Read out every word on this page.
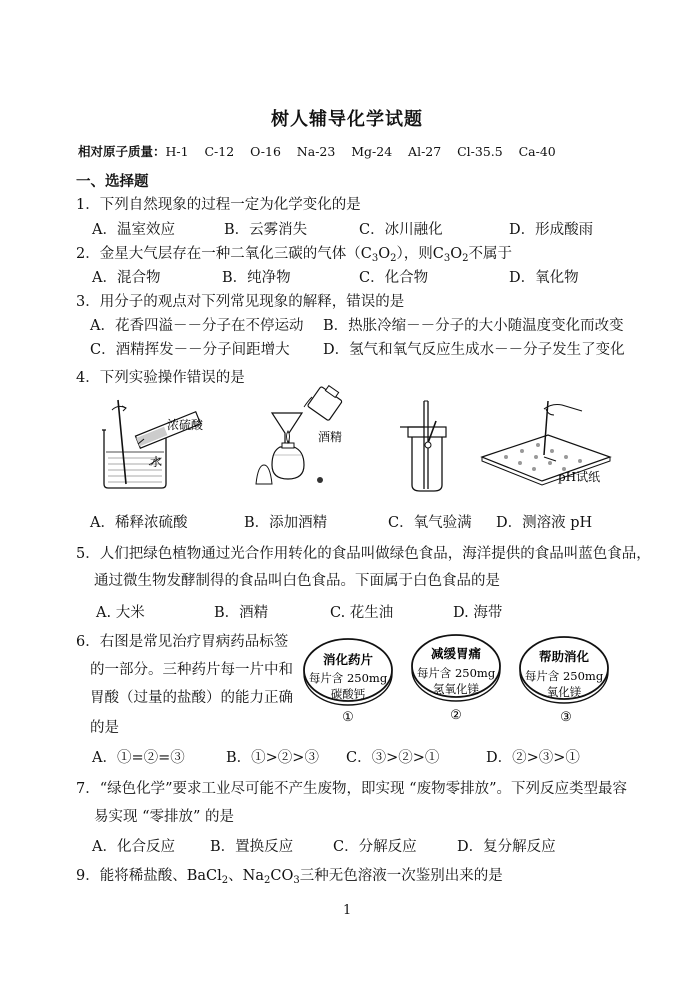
树人辅导化学试题
相对原子质量：H-1    C-12    O-16    Na-23    Mg-24    Al-27    Cl-35.5    Ca-40
一、选择题
1．下列自然现象的过程一定为化学变化的是
A．温室效应	B．云雾消失	C．冰川融化	D．形成酸雨
2．金星大气层存在一种二氧化三碳的气体$(C_3O_2)$，则$C_3O_2$不属于
A．混合物	B．纯净物	C．化合物	D．氧化物
3．用分子的观点对下列常见现象的解释，错误的是
A．花香四溢－－分子在不停运动 B．热胀冷缩－－分子的大小随温度变化而改变
C．酒精挥发－－分子间距增大 D．氢气和氧气反应生成水－－分子发生了变化
4．下列实验操作错误的是
浓硫酸
水
酒精
pH试纸
A．稀释浓硫酸	B．添加酒精	C．氧气验满 D．测溶液 pH
5．人们把绿色植物通过光合作用转化的食品叫做绿色食品，海洋提供的食品叫蓝色食品，
通过微生物发酵制得的食品叫白色食品。下面属于白色食品的是
A. 大米	B．酒精	C. 花生油	D. 海带
6．右图是常见治疗胃病药品标签
的一部分。三种药片每一片中和
胃酸（过量的盐酸）的能力正确
的是
消化药片
每片含 250mg
碳酸钙
①
减缓胃痛
每片含 250mg
氢氧化镁
②
帮助消化
每片含 250mg
氧化镁
③
A．①=②=③	B．①>②>③ C．③>②>①	D．②>③>①
7．“绿色化学”要求工业尽可能不产生废物，即实现 “废物零排放”。下列反应类型最容
易实现 “零排放” 的是
A．化合反应 B．置换反应	C．分解反应	D．复分解反应
9．能将稀盐酸、BaCl$_2$、$Na_2CO_3$三种无色溶液一次鉴别出来的是
1
